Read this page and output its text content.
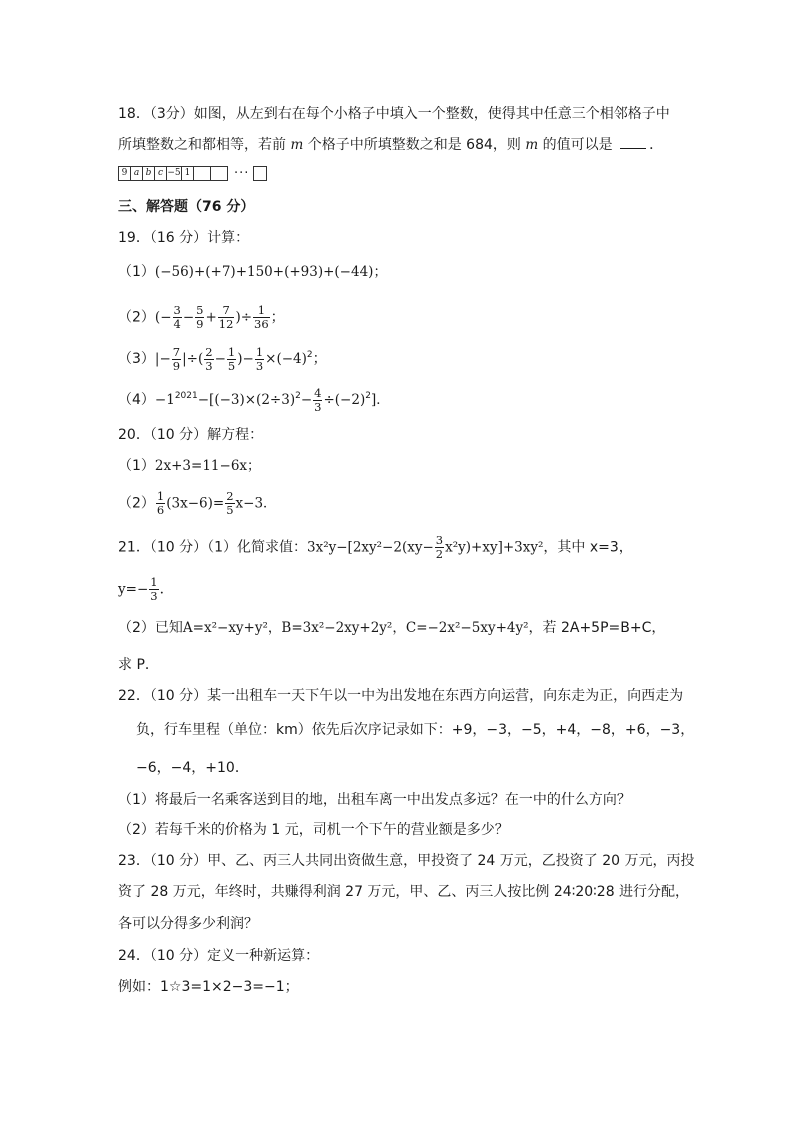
18．（3分）如图，从左到右在每个小格子中填入一个整数，使得其中任意三个相邻格子中
所填整数之和都相等，若前 m 个格子中所填整数之和是 684，则 m 的值可以是	．
9 a b c −5 1	···
三、解答题（76 分）
19．（16 分）计算：
（1）(−56)+(+7)+150+(+93)+(−44)；
$(2)(- \frac{3}{4} - \frac{5}{9} + \frac{7}{12}$ )÷ $\frac{1}{36}$ ；
$(3)|- \frac{7}{9}$ |÷( $\frac{2}{3} - \frac{1}{5}$ )− $\frac{1}{3} \times(-4)^2$；
$(4)-1^{2021}-[(-3)\times(2\div 3)^2- \frac{4}{3} \div(-2)^2]$．
20．（10 分）解方程：
（1）2x+3=11−6x；
$(2) \frac{1}{6} (3x-6)= \frac{2}{5} x-3$．
21．（10 分）（1）化简求值：$3x^2y-[2xy^2-2(xy- \frac{3}{2} x^2y)+xy]+3xy^2$，其中 x=3，
$y=- \frac{1}{3}$ ．
（2）已知A=x²−xy+y²，B=3x²−2xy+2y²，C=−2x²−5xy+4y²，若 2A+5P=B+C，
求 P．
22．（10 分）某一出租车一天下午以一中为出发地在东西方向运营，向东走为正，向西走为
负，行车里程（单位：km）依先后次序记录如下：+9，−3，−5，+4，−8，+6，−3，
−6，−4，+10．
（1）将最后一名乘客送到目的地，出租车离一中出发点多远？在一中的什么方向？
（2）若每千米的价格为 1 元，司机一个下午的营业额是多少？
23．（10 分）甲、乙、丙三人共同出资做生意，甲投资了 24 万元，乙投资了 20 万元，丙投
资了 28 万元，年终时，共赚得利润 27 万元，甲、乙、丙三人按比例 24∶20∶28 进行分配，
各可以分得多少利润？
24．（10 分）定义一种新运算：
例如：1☆3=1×2−3=−1；
